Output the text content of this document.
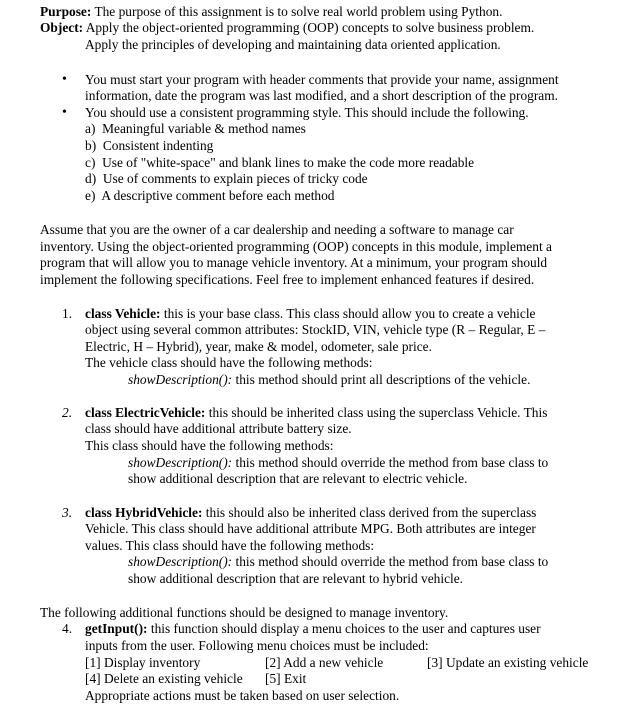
Purpose: The purpose of this assignment is to solve real world problem using Python.
Object: Apply the object-oriented programming (OOP) concepts to solve business problem.
Apply the principles of developing and maintaining data oriented application.
• You must start your program with header comments that provide your name, assignment
information, date the program was last modified, and a short description of the program.
• You should use a consistent programming style. This should include the following.
a) Meaningful variable & method names
b) Consistent indenting
c) Use of "white-space" and blank lines to make the code more readable
d) Use of comments to explain pieces of tricky code
e) A descriptive comment before each method
Assume that you are the owner of a car dealership and needing a software to manage car
inventory. Using the object-oriented programming (OOP) concepts in this module, implement a
program that will allow you to manage vehicle inventory. At a minimum, your program should
implement the following specifications. Feel free to implement enhanced features if desired.
1. class Vehicle: this is your base class. This class should allow you to create a vehicle
object using several common attributes: StockID, VIN, vehicle type (R – Regular, E –
Electric, H – Hybrid), year, make & model, odometer, sale price.
The vehicle class should have the following methods:
showDescription(): this method should print all descriptions of the vehicle.
2. class ElectricVehicle: this should be inherited class using the superclass Vehicle. This
class should have additional attribute battery size.
This class should have the following methods:
showDescription(): this method should override the method from base class to
show additional description that are relevant to electric vehicle.
3. class HybridVehicle: this should also be inherited class derived from the superclass
Vehicle. This class should have additional attribute MPG. Both attributes are integer
values. This class should have the following methods:
showDescription(): this method should override the method from base class to
show additional description that are relevant to hybrid vehicle.
The following additional functions should be designed to manage inventory.
4. getInput(): this function should display a menu choices to the user and captures user
inputs from the user. Following menu choices must be included:
[1] Display inventory	[2] Add a new vehicle	[3] Update an existing vehicle
[4] Delete an existing vehicle [5] Exit
Appropriate actions must be taken based on user selection.
